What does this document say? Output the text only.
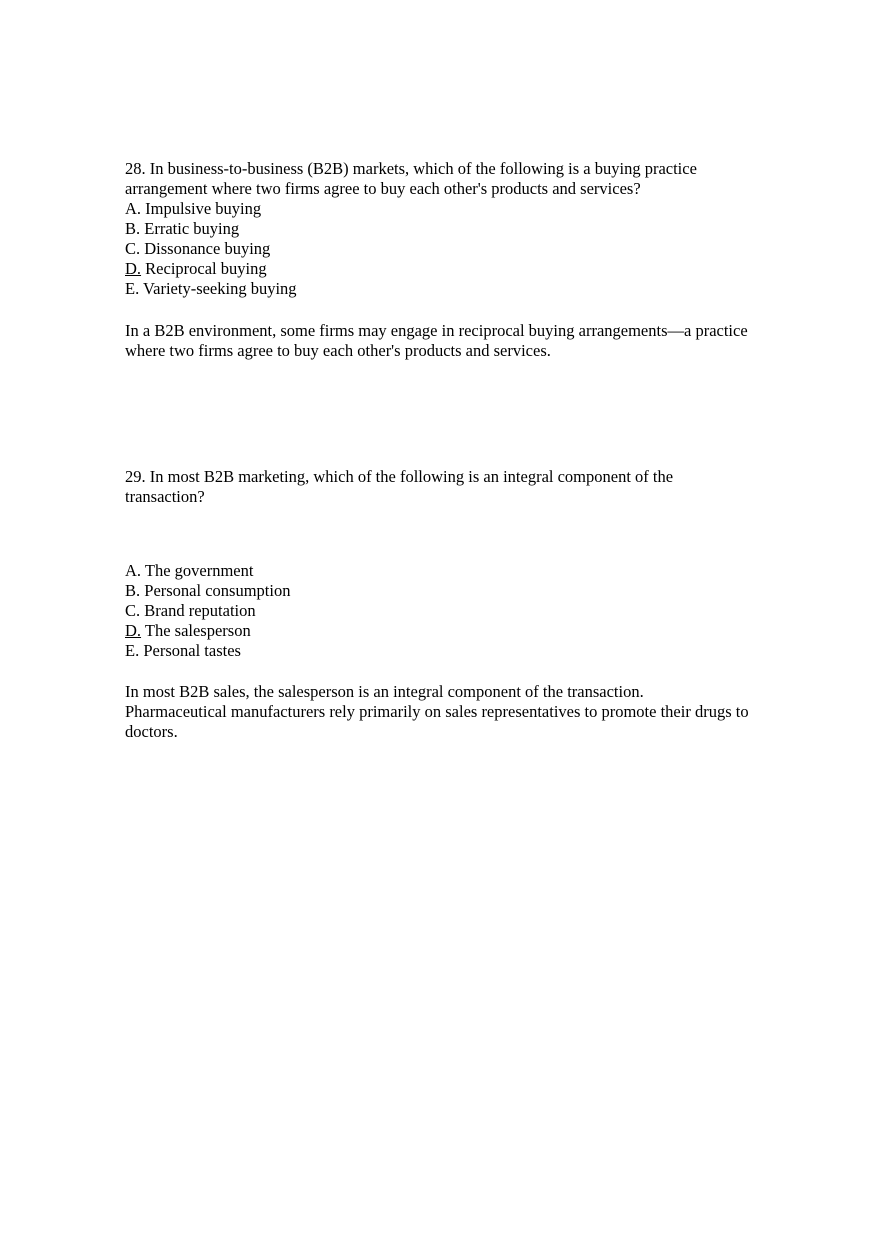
28. In business-to-business (B2B) markets, which of the following is a buying practice
arrangement where two firms agree to buy each other's products and services?
A. Impulsive buying
B. Erratic buying
C. Dissonance buying
D. Reciprocal buying
E. Variety-seeking buying
In a B2B environment, some firms may engage in reciprocal buying arrangements—a practice
where two firms agree to buy each other's products and services.
29. In most B2B marketing, which of the following is an integral component of the
transaction?
A. The government
B. Personal consumption
C. Brand reputation
D. The salesperson
E. Personal tastes
In most B2B sales, the salesperson is an integral component of the transaction.
Pharmaceutical manufacturers rely primarily on sales representatives to promote their drugs to
doctors.
